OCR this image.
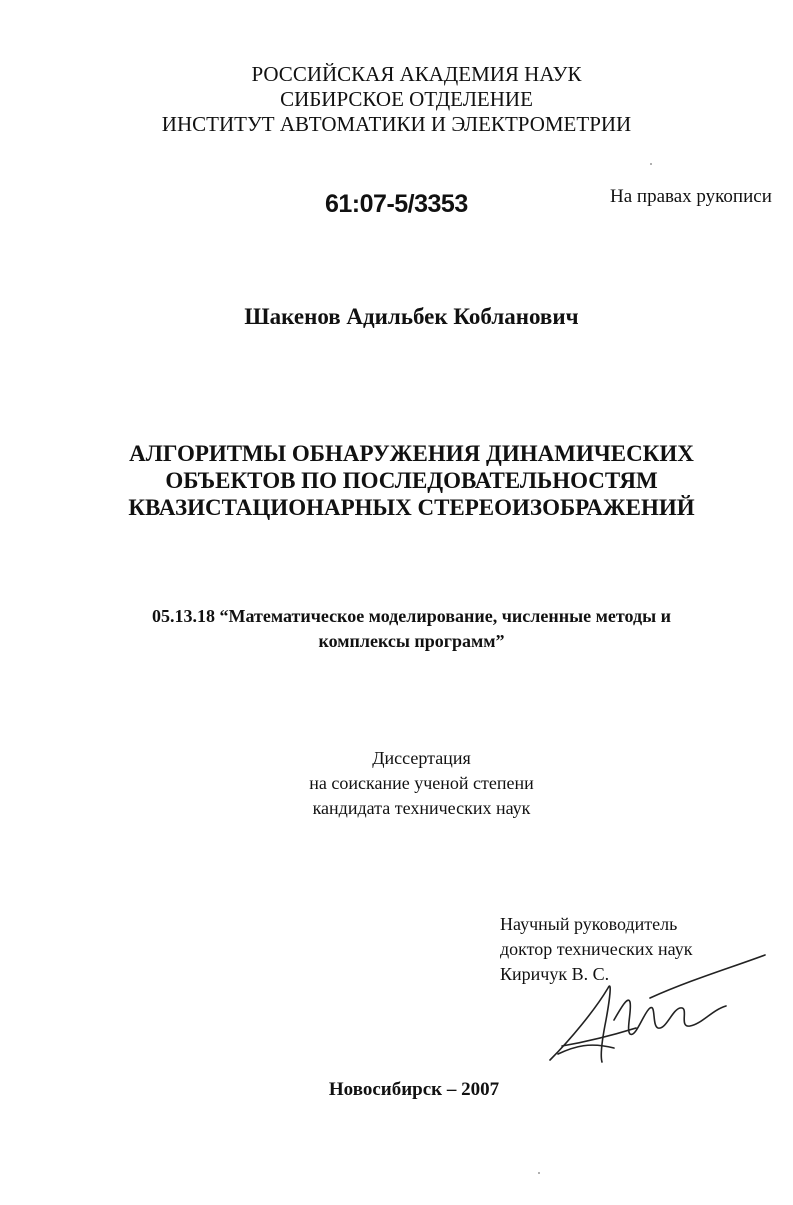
РОССИЙСКАЯ АКАДЕМИЯ НАУК
СИБИРСКОЕ ОТДЕЛЕНИЕ
ИНСТИТУТ АВТОМАТИКИ И ЭЛЕКТРОМЕТРИИ
61:07-5/3353	На правах рукописи
Шакенов Адильбек Кобланович
АЛГОРИТМЫ ОБНАРУЖЕНИЯ ДИНАМИЧЕСКИХ
ОБЪЕКТОВ ПО ПОСЛЕДОВАТЕЛЬНОСТЯМ
КВАЗИСТАЦИОНАРНЫХ СТЕРЕОИЗОБРАЖЕНИЙ
05.13.18 “Математическое моделирование, численные методы и
комплексы программ”
Диссертация
на соискание ученой степени
кандидата технических наук
Научный руководитель
доктор технических наук
Киричук В. С.
Новосибирск – 2007
